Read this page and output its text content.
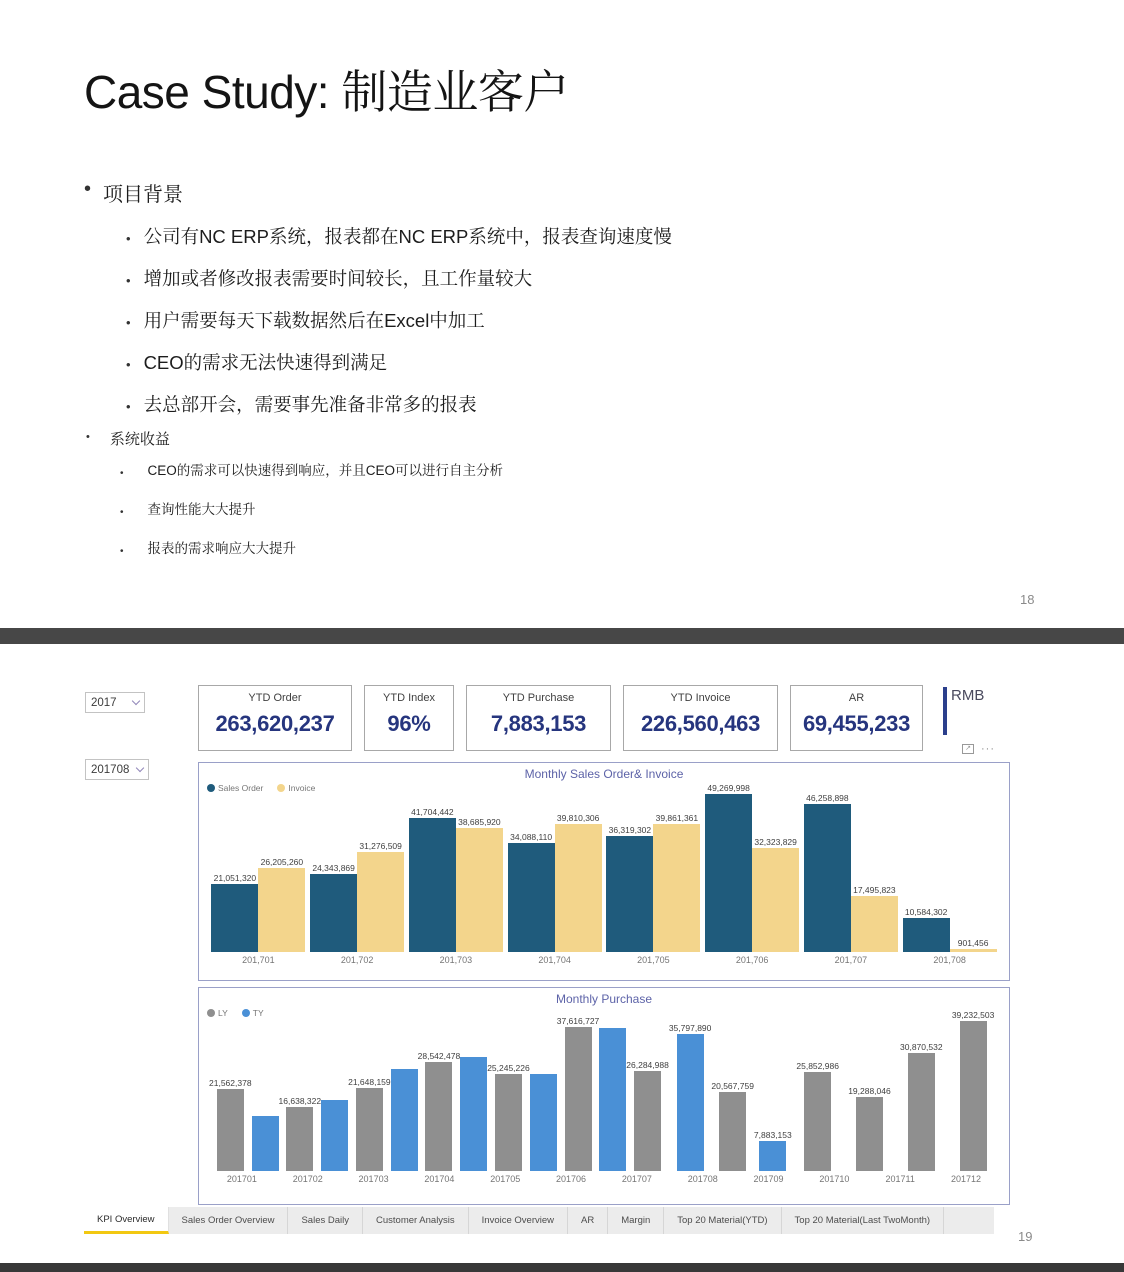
Case Study: 制造业客户
• 项目背景
• 公司有NC ERP系统，报表都在NC ERP系统中，报表查询速度慢
• 增加或者修改报表需要时间较长，且工作量较大
• 用户需要每天下载数据然后在Excel中加工
• CEO的需求无法快速得到满足
• 去总部开会，需要事先准备非常多的报表
• 系统收益
• CEO的需求可以快速得到响应，并且CEO可以进行自主分析
• 查询性能大大提升
• 报表的需求响应大大提升
18
2017
201708
YTD Order
263,620,237
YTD Index
96%
YTD Purchase
7,883,153
YTD Invoice
226,560,463
AR
69,455,233
RMB
↗ ···
Monthly Sales Order& Invoice
Sales Order	Invoice
21,051,320
26,205,260
24,343,869
31,276,509
41,704,442
38,685,920
34,088,110
39,810,306
36,319,302
39,861,361
49,269,998
32,323,829
46,258,898
17,495,823
10,584,302
901,456
201,701	201,702	201,703	201,704	201,705	201,706	201,707	201,708
Monthly Purchase
LY	TY
21,562,378
16,638,322
21,648,159
28,542,478
25,245,226
37,616,727
26,284,988
35,797,890
20,567,759
7,883,153
25,852,986
19,288,046
30,870,532
39,232,503
201701	201702	201703	201704	201705	201706	201707	201708	201709	201710	201711	201712
KPI Overview	Sales Order Overview	Sales Daily	Customer Analysis	Invoice Overview	AR	Margin	Top 20 Material(YTD)	Top 20 Material(Last TwoMonth)
19
